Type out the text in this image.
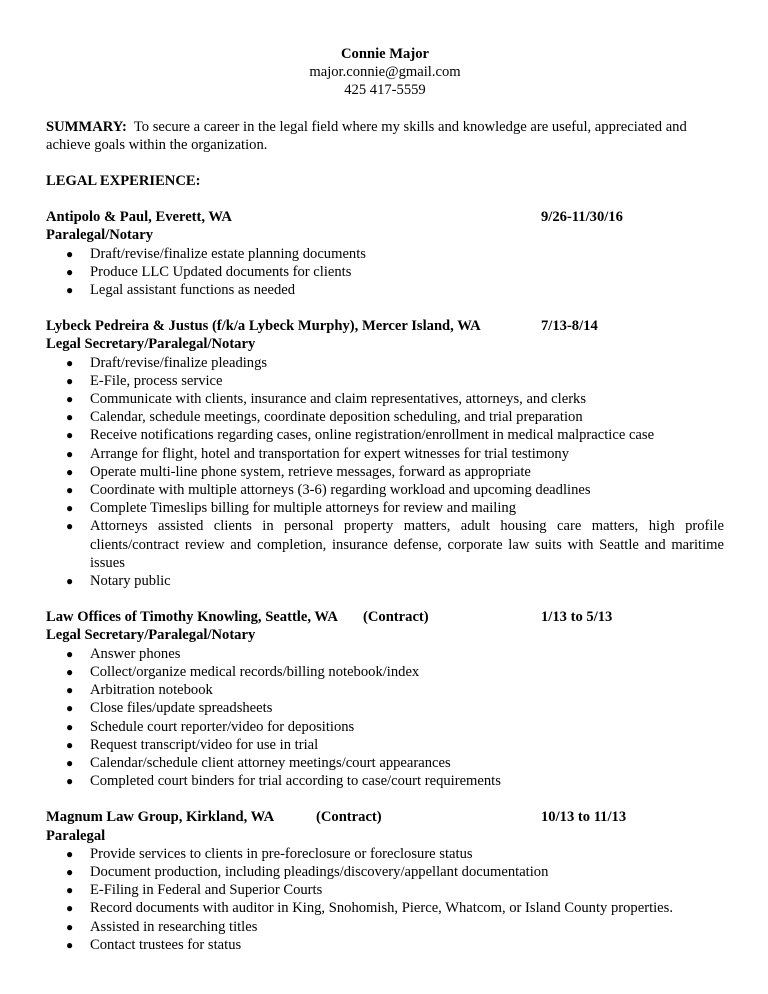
Connie Major
major.connie@gmail.com
425 417-5559
SUMMARY: To secure a career in the legal field where my skills and knowledge are useful, appreciated and achieve goals within the organization.
LEGAL EXPERIENCE:
Antipolo & Paul, Everett, WA	9/26-11/30/16
Paralegal/Notary
● Draft/revise/finalize estate planning documents
● Produce LLC Updated documents for clients
● Legal assistant functions as needed
Lybeck Pedreira & Justus (f/k/a Lybeck Murphy), Mercer Island, WA	7/13-8/14
Legal Secretary/Paralegal/Notary
● Draft/revise/finalize pleadings
● E-File, process service
● Communicate with clients, insurance and claim representatives, attorneys, and clerks
● Calendar, schedule meetings, coordinate deposition scheduling, and trial preparation
● Receive notifications regarding cases, online registration/enrollment in medical malpractice case
● Arrange for flight, hotel and transportation for expert witnesses for trial testimony
● Operate multi-line phone system, retrieve messages, forward as appropriate
● Coordinate with multiple attorneys (3-6) regarding workload and upcoming deadlines
● Complete Timeslips billing for multiple attorneys for review and mailing
● Attorneys assisted clients in personal property matters, adult housing care matters, high profile clients/contract review and completion, insurance defense, corporate law suits with Seattle and maritime issues
● Notary public
Law Offices of Timothy Knowling, Seattle, WA (Contract)	1/13 to 5/13
Legal Secretary/Paralegal/Notary
● Answer phones
● Collect/organize medical records/billing notebook/index
● Arbitration notebook
● Close files/update spreadsheets
● Schedule court reporter/video for depositions
● Request transcript/video for use in trial
● Calendar/schedule client attorney meetings/court appearances
● Completed court binders for trial according to case/court requirements
Magnum Law Group, Kirkland, WA	(Contract)	10/13 to 11/13
Paralegal
● Provide services to clients in pre-foreclosure or foreclosure status
● Document production, including pleadings/discovery/appellant documentation
● E-Filing in Federal and Superior Courts
● Record documents with auditor in King, Snohomish, Pierce, Whatcom, or Island County properties.
● Assisted in researching titles
● Contact trustees for status
